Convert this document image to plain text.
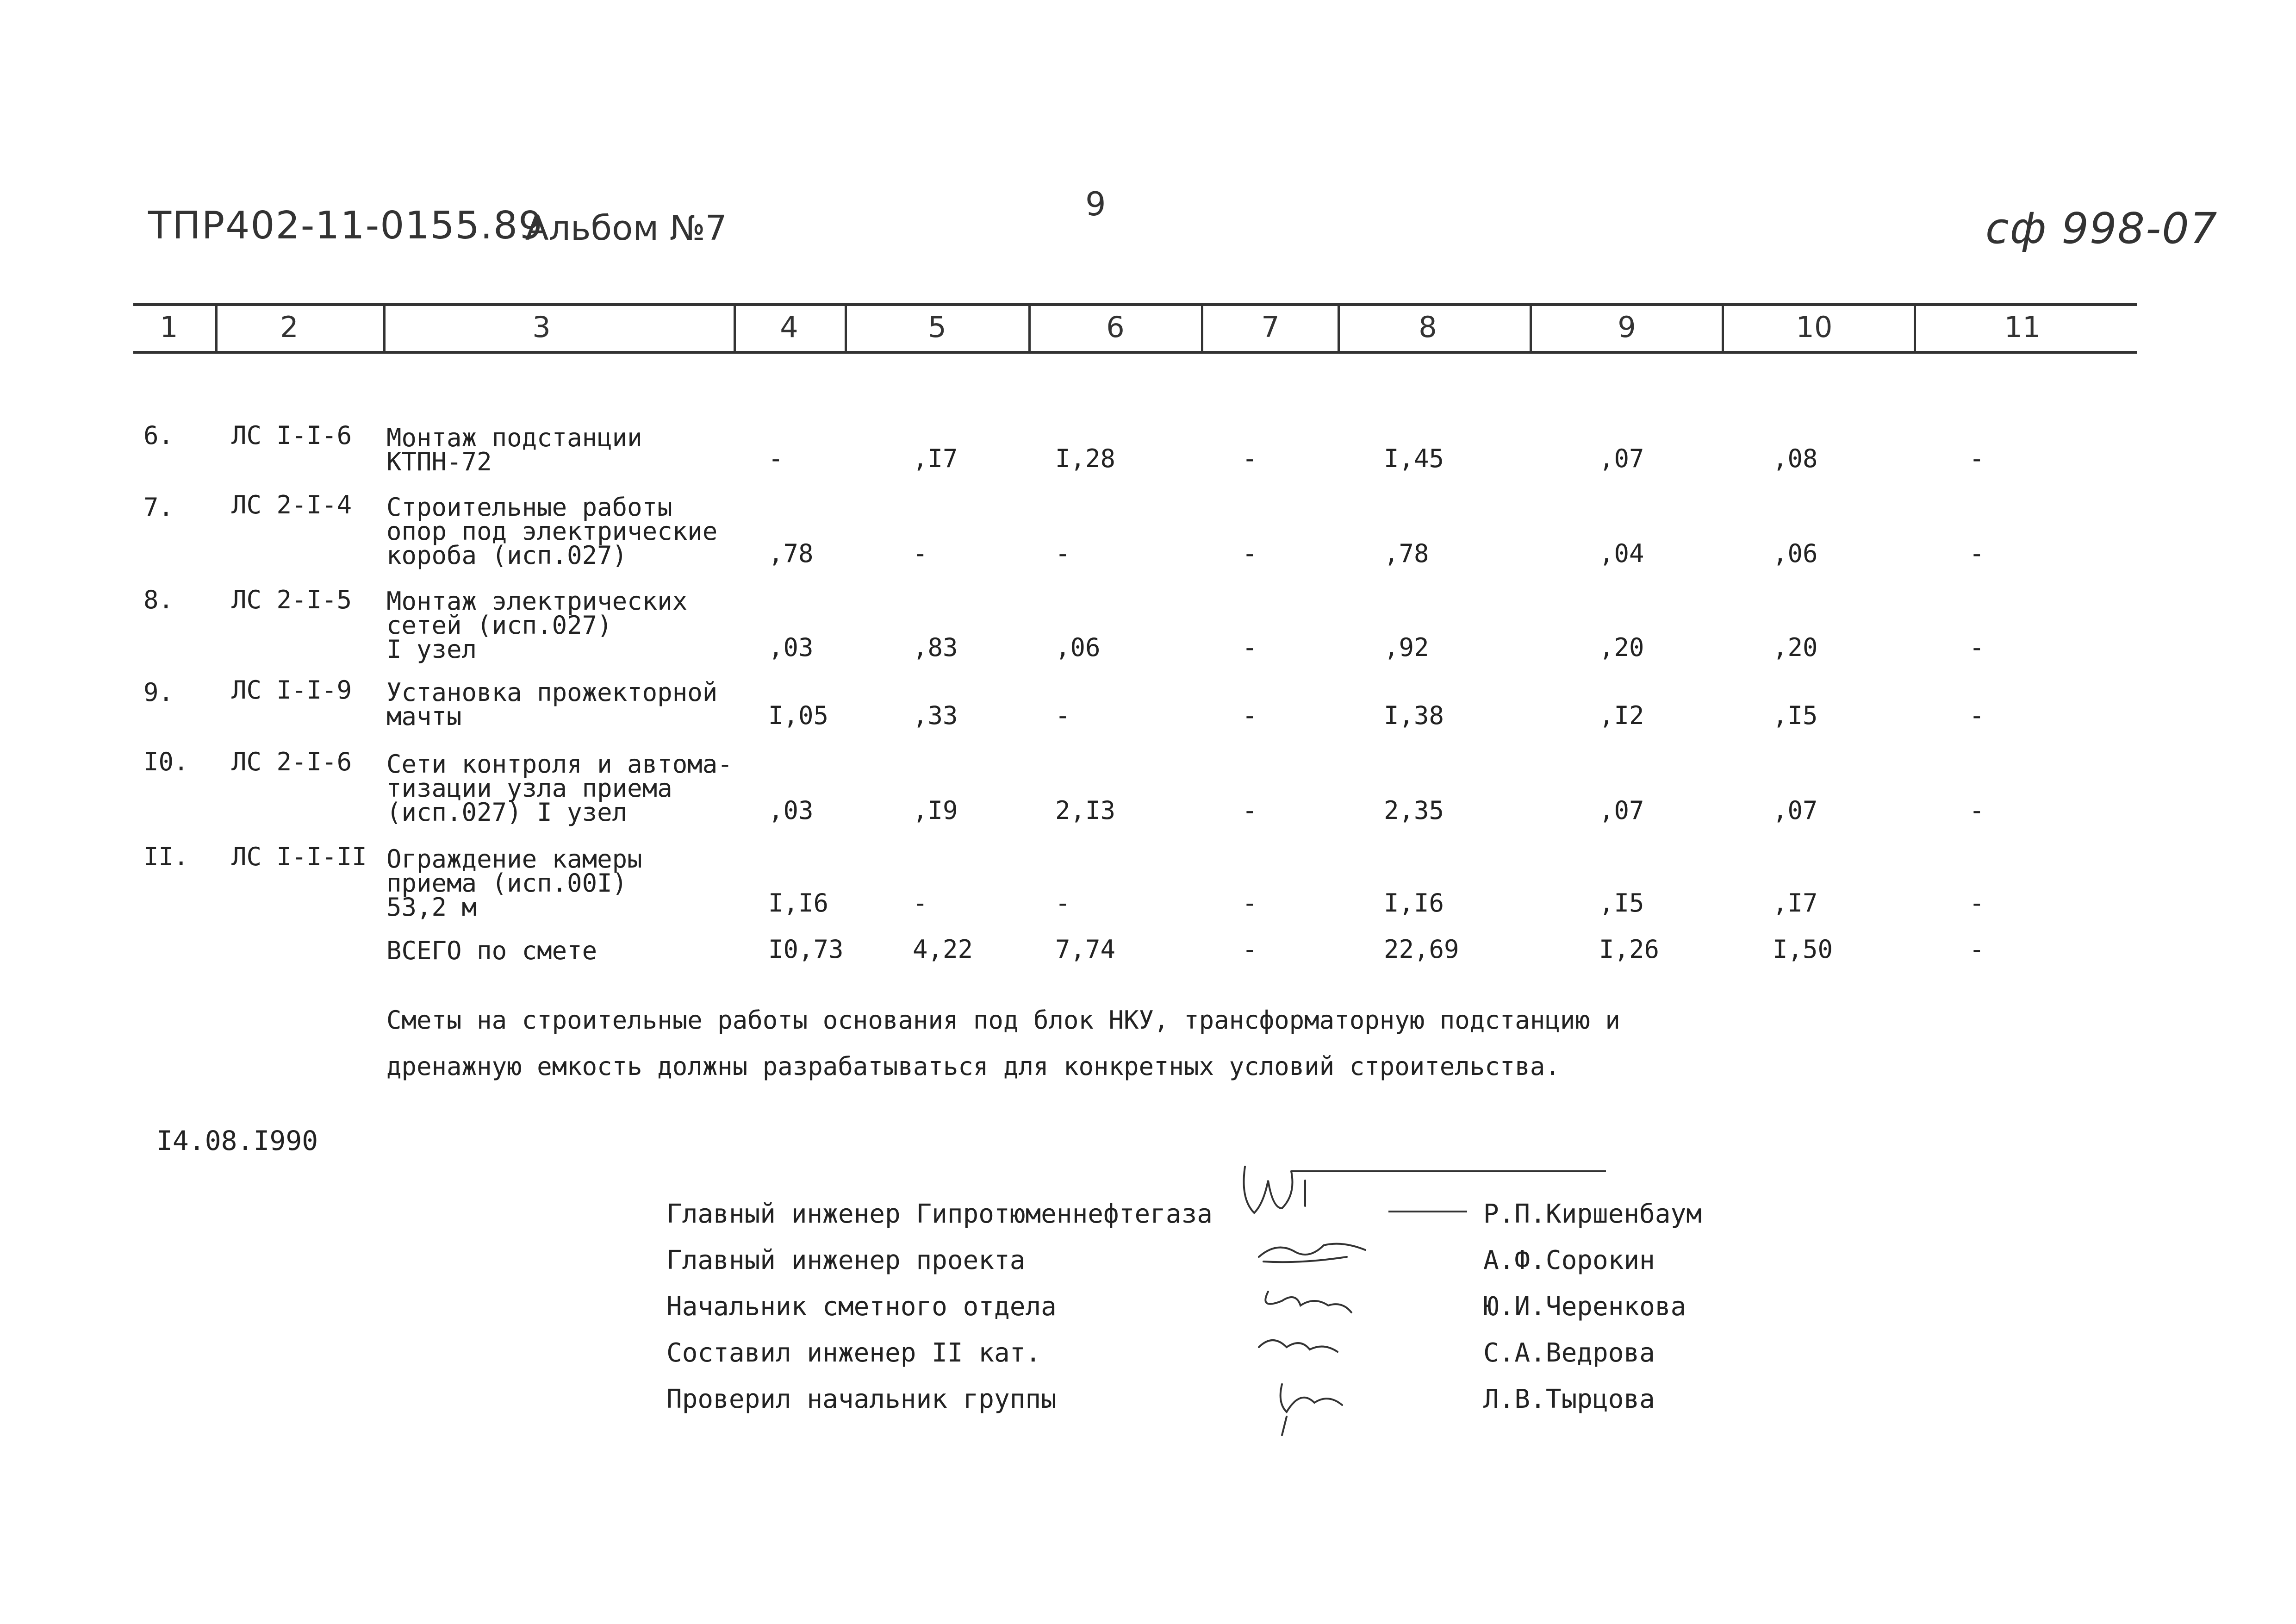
ТПР402-11-0155.89
Альбом №7
9	сф 998-07
1	2	3	4	5	6	7	8	9	10	11
6. ЛС I-I-6 Монтаж подстанции
КТПН-72	-	,I7	I,28	-	I,45	,07	,08	-
7. ЛС 2-I-4 Строительные работы
опор под электрические
короба (исп.027)	,78	-	-	-	,78	,04	,06	-
8. ЛС 2-I-5 Монтаж электрических
сетей (исп.027)
I узел	,03	,83	,06	-	,92	,20	,20	-
9. ЛС I-I-9 Установка прожекторной
мачты	I,05	,33	-	-	I,38	,I2	,I5	-
I0. ЛС 2-I-6 Сети контроля и автома-
тизации узла приема
(исп.027) I узел	,03	,I9	2,I3	-	2,35	,07	,07	-
II. ЛС I-I-II Ограждение камеры
приема (исп.00I)
53,2 м	I,I6	-	-	-	I,I6	,I5	,I7	-
ВСЕГО по смете	I0,73	4,22	7,74	-	22,69	I,26	I,50	-
Сметы на строительные работы основания под блок НКУ, трансформаторную подстанцию и
дренажную емкость должны разрабатываться для конкретных условий строительства.
I4.08.I990
Главный инженер Гипротюменнефтегаза	Р.П.Киршенбаум
Главный инженер проекта	А.Ф.Сорокин
Начальник сметного отдела	Ю.И.Черенкова
Составил инженер II кат.	С.А.Ведрова
Проверил начальник группы	Л.В.Тырцова
